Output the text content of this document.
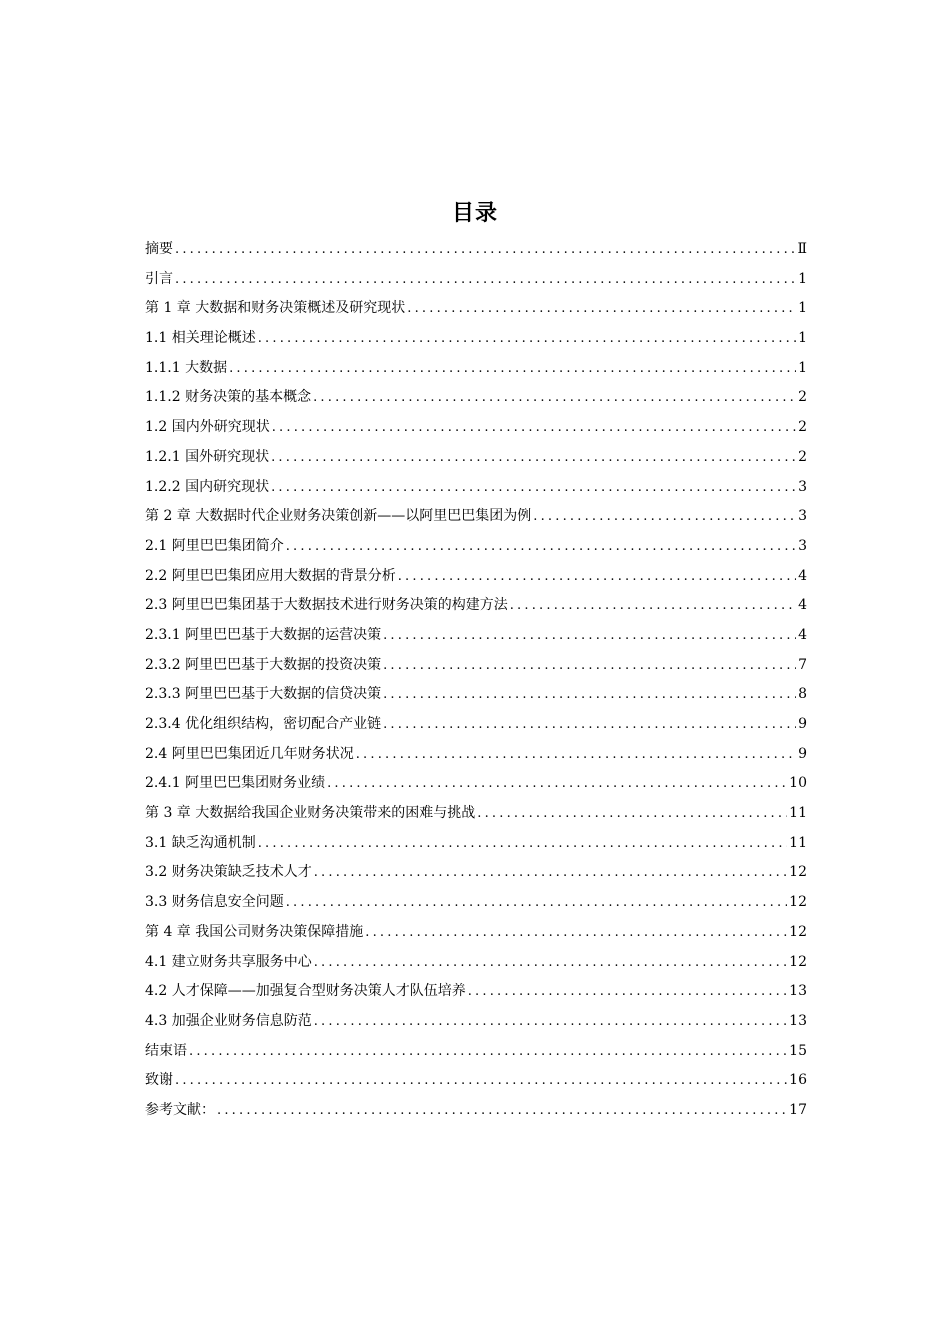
目录
摘要 .....	Ⅱ
引言 .....	1
第 1 章 大数据和财务决策概述及研究现状 .....	1
1.1 相关理论概述 .....	1
1.1.1 大数据 .....	1
1.1.2 财务决策的基本概念 .....	2
1.2 国内外研究现状 .....	2
1.2.1 国外研究现状 .....	2
1.2.2 国内研究现状 .....	3
第 2 章 大数据时代企业财务决策创新——以阿里巴巴集团为例 .....	3
2.1 阿里巴巴集团简介 .....	3
2.2 阿里巴巴集团应用大数据的背景分析 .....	4
2.3 阿里巴巴集团基于大数据技术进行财务决策的构建方法 .....	4
2.3.1 阿里巴巴基于大数据的运营决策 .....	4
2.3.2 阿里巴巴基于大数据的投资决策 .....	7
2.3.3 阿里巴巴基于大数据的信贷决策 .....	8
2.3.4 优化组织结构，密切配合产业链 .....	9
2.4 阿里巴巴集团近几年财务状况 .....	9
2.4.1 阿里巴巴集团财务业绩 .....	10
第 3 章 大数据给我国企业财务决策带来的困难与挑战 .....	11
3.1 缺乏沟通机制 .....	11
3.2 财务决策缺乏技术人才 .....	12
3.3 财务信息安全问题 .....	12
第 4 章 我国公司财务决策保障措施 .....	12
4.1 建立财务共享服务中心 .....	12
4.2 人才保障——加强复合型财务决策人才队伍培养 .....	13
4.3 加强企业财务信息防范 .....	13
结束语 .....	15
致谢 .....	16
参考文献： .....	17
